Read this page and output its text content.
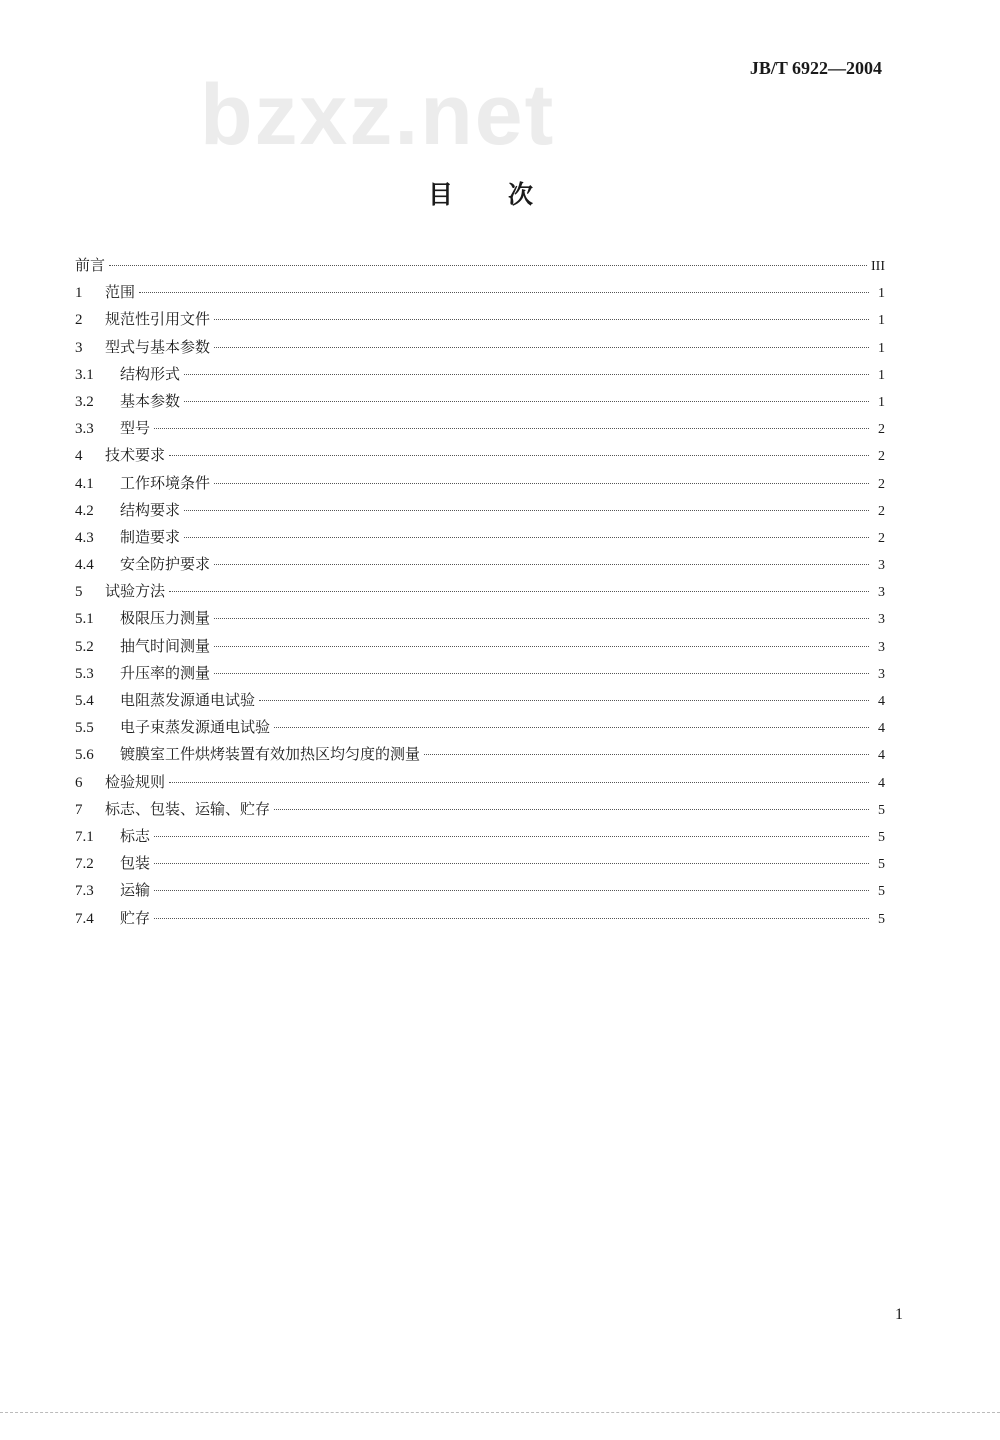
JB/T 6922—2004
bzxz.net
目次
前言	III
1	范围	1
2	规范性引用文件	1
3	型式与基本参数	1
3.1	结构形式	1
3.2	基本参数	1
3.3	型号	2
4	技术要求	2
4.1	工作环境条件	2
4.2	结构要求	2
4.3	制造要求	2
4.4	安全防护要求	3
5	试验方法	3
5.1	极限压力测量	3
5.2	抽气时间测量	3
5.3	升压率的测量	3
5.4	电阻蒸发源通电试验	4
5.5	电子束蒸发源通电试验	4
5.6	镀膜室工件烘烤装置有效加热区均匀度的测量	4
6	检验规则	4
7	标志、包装、运输、贮存	5
7.1	标志	5
7.2	包装	5
7.3	运输	5
7.4	贮存	5
1
